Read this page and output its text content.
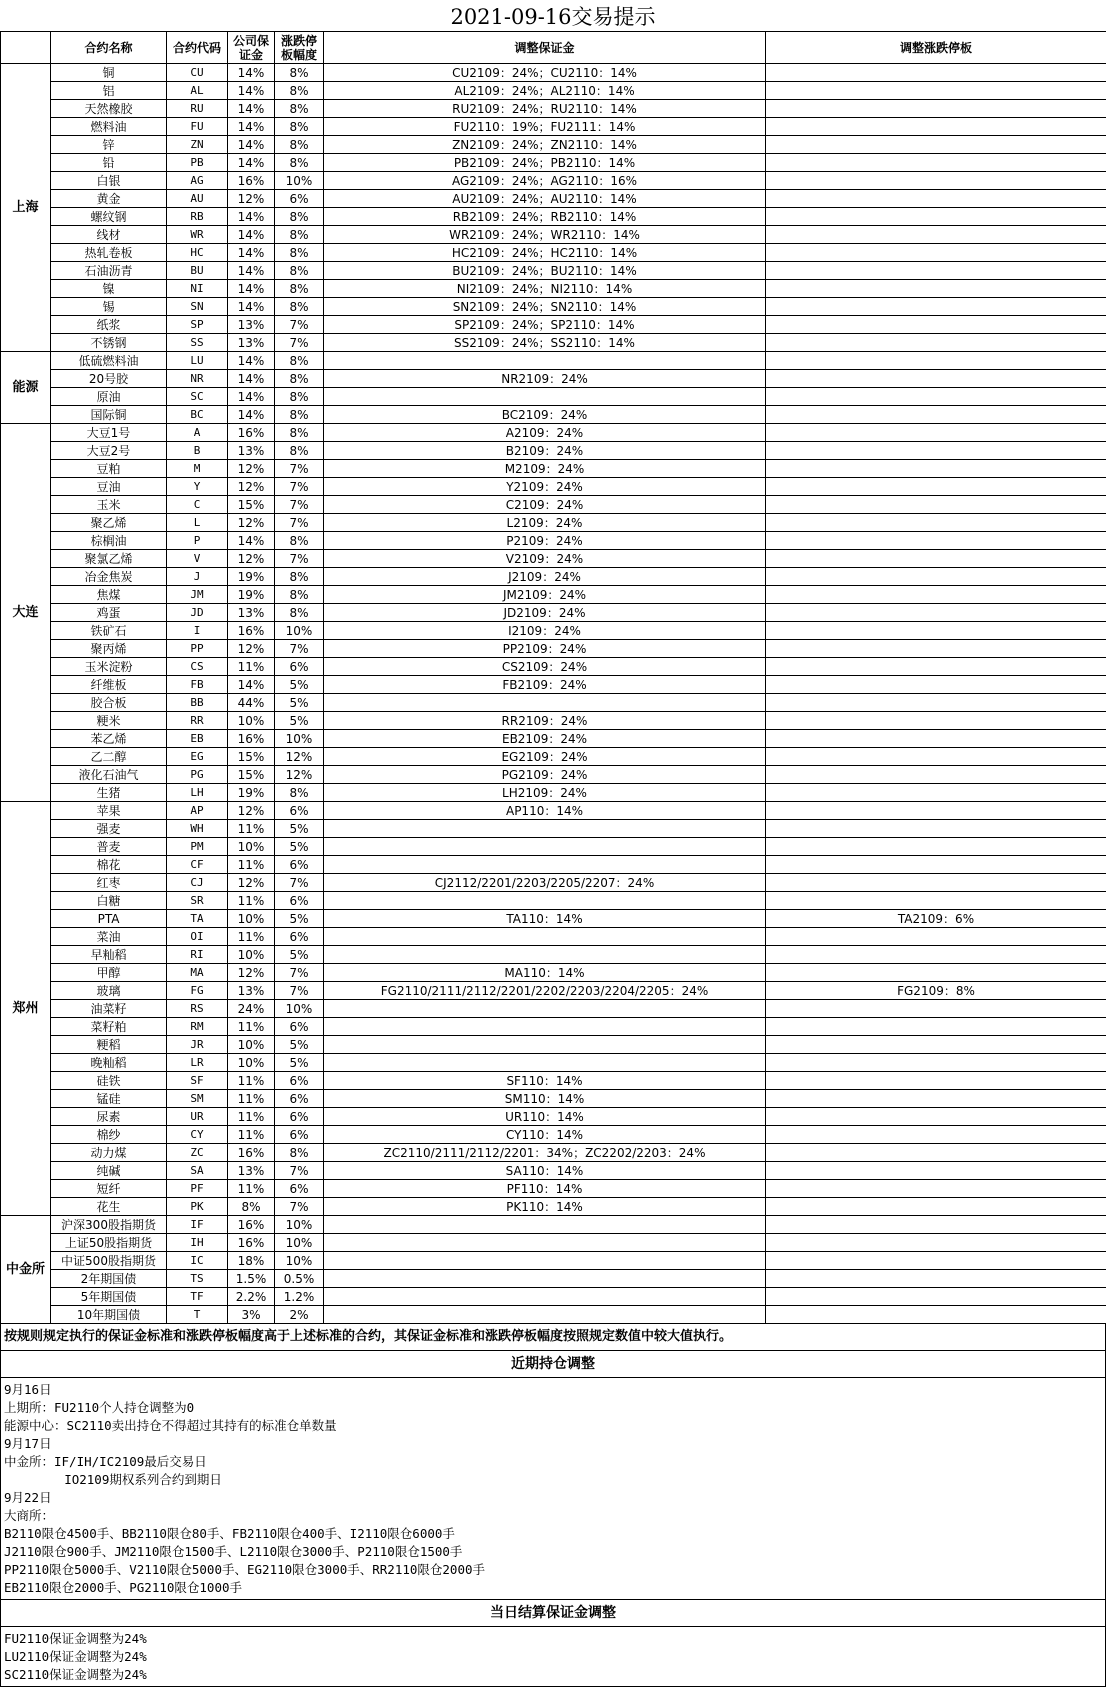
2021-09-16交易提示
	合约名称	合约代码	公司保证金	涨跌停板幅度	调整保证金	调整涨跌停板
上海	铜	CU	14%	8%	CU2109：24%；CU2110：14%	
	铝	AL	14%	8%	AL2109：24%；AL2110：14%	
	天然橡胶	RU	14%	8%	RU2109：24%；RU2110：14%	
	燃料油	FU	14%	8%	FU2110：19%；FU2111：14%	
	锌	ZN	14%	8%	ZN2109：24%；ZN2110：14%	
	铅	PB	14%	8%	PB2109：24%；PB2110：14%	
	白银	AG	16%	10%	AG2109：24%；AG2110：16%	
	黄金	AU	12%	6%	AU2109：24%；AU2110：14%	
	螺纹钢	RB	14%	8%	RB2109：24%；RB2110：14%	
	线材	WR	14%	8%	WR2109：24%；WR2110：14%	
	热轧卷板	HC	14%	8%	HC2109：24%；HC2110：14%	
	石油沥青	BU	14%	8%	BU2109：24%；BU2110：14%	
	镍	NI	14%	8%	NI2109：24%；NI2110：14%	
	锡	SN	14%	8%	SN2109：24%；SN2110：14%	
	纸浆	SP	13%	7%	SP2109：24%；SP2110：14%	
	不锈钢	SS	13%	7%	SS2109：24%；SS2110：14%	
能源	低硫燃料油	LU	14%	8%		
	20号胶	NR	14%	8%	NR2109：24%	
	原油	SC	14%	8%		
	国际铜	BC	14%	8%	BC2109：24%	
大连	大豆1号	A	16%	8%	A2109：24%	
	大豆2号	B	13%	8%	B2109：24%	
	豆粕	M	12%	7%	M2109：24%	
	豆油	Y	12%	7%	Y2109：24%	
	玉米	C	15%	7%	C2109：24%	
	聚乙烯	L	12%	7%	L2109：24%	
	棕榈油	P	14%	8%	P2109：24%	
	聚氯乙烯	V	12%	7%	V2109：24%	
	冶金焦炭	J	19%	8%	J2109：24%	
	焦煤	JM	19%	8%	JM2109：24%	
	鸡蛋	JD	13%	8%	JD2109：24%	
	铁矿石	I	16%	10%	I2109：24%	
	聚丙烯	PP	12%	7%	PP2109：24%	
	玉米淀粉	CS	11%	6%	CS2109：24%	
	纤维板	FB	14%	5%	FB2109：24%	
	胶合板	BB	44%	5%		
	粳米	RR	10%	5%	RR2109：24%	
	苯乙烯	EB	16%	10%	EB2109：24%	
	乙二醇	EG	15%	12%	EG2109：24%	
	液化石油气	PG	15%	12%	PG2109：24%	
	生猪	LH	19%	8%	LH2109：24%	
郑州	苹果	AP	12%	6%	AP110：14%	
	强麦	WH	11%	5%		
	普麦	PM	10%	5%		
	棉花	CF	11%	6%		
	红枣	CJ	12%	7%	CJ2112/2201/2203/2205/2207：24%	
	白糖	SR	11%	6%		
	PTA	TA	10%	5%	TA110：14%	TA2109：6%
	菜油	OI	11%	6%		
	早籼稻	RI	10%	5%		
	甲醇	MA	12%	7%	MA110：14%	
	玻璃	FG	13%	7%	FG2110/2111/2112/2201/2202/2203/2204/2205：24%	FG2109：8%
	油菜籽	RS	24%	10%		
	菜籽粕	RM	11%	6%		
	粳稻	JR	10%	5%		
	晚籼稻	LR	10%	5%		
	硅铁	SF	11%	6%	SF110：14%	
	锰硅	SM	11%	6%	SM110：14%	
	尿素	UR	11%	6%	UR110：14%	
	棉纱	CY	11%	6%	CY110：14%	
	动力煤	ZC	16%	8%	ZC2110/2111/2112/2201：34%；ZC2202/2203：24%	
	纯碱	SA	13%	7%	SA110：14%	
	短纤	PF	11%	6%	PF110：14%	
	花生	PK	8%	7%	PK110：14%	
中金所	沪深300股指期货	IF	16%	10%		
	上证50股指期货	IH	16%	10%		
	中证500股指期货	IC	18%	10%		
	2年期国债	TS	1.5%	0.5%		
	5年期国债	TF	2.2%	1.2%		
	10年期国债	T	3%	2%		
按规则规定执行的保证金标准和涨跌停板幅度高于上述标准的合约，其保证金标准和涨跌停板幅度按照规定数值中较大值执行。
近期持仓调整
9月16日
上期所：FU2110个人持仓调整为0
能源中心：SC2110卖出持仓不得超过其持有的标准仓单数量
9月17日
中金所：IF/IH/IC2109最后交易日
IO2109期权系列合约到期日
9月22日
大商所：
B2110限仓4500手、BB2110限仓80手、FB2110限仓400手、I2110限仓6000手
J2110限仓900手、JM2110限仓1500手、L2110限仓3000手、P2110限仓1500手
PP2110限仓5000手、V2110限仓5000手、EG2110限仓3000手、RR2110限仓2000手
EB2110限仓2000手、PG2110限仓1000手
当日结算保证金调整
FU2110保证金调整为24%
LU2110保证金调整为24%
SC2110保证金调整为24%
